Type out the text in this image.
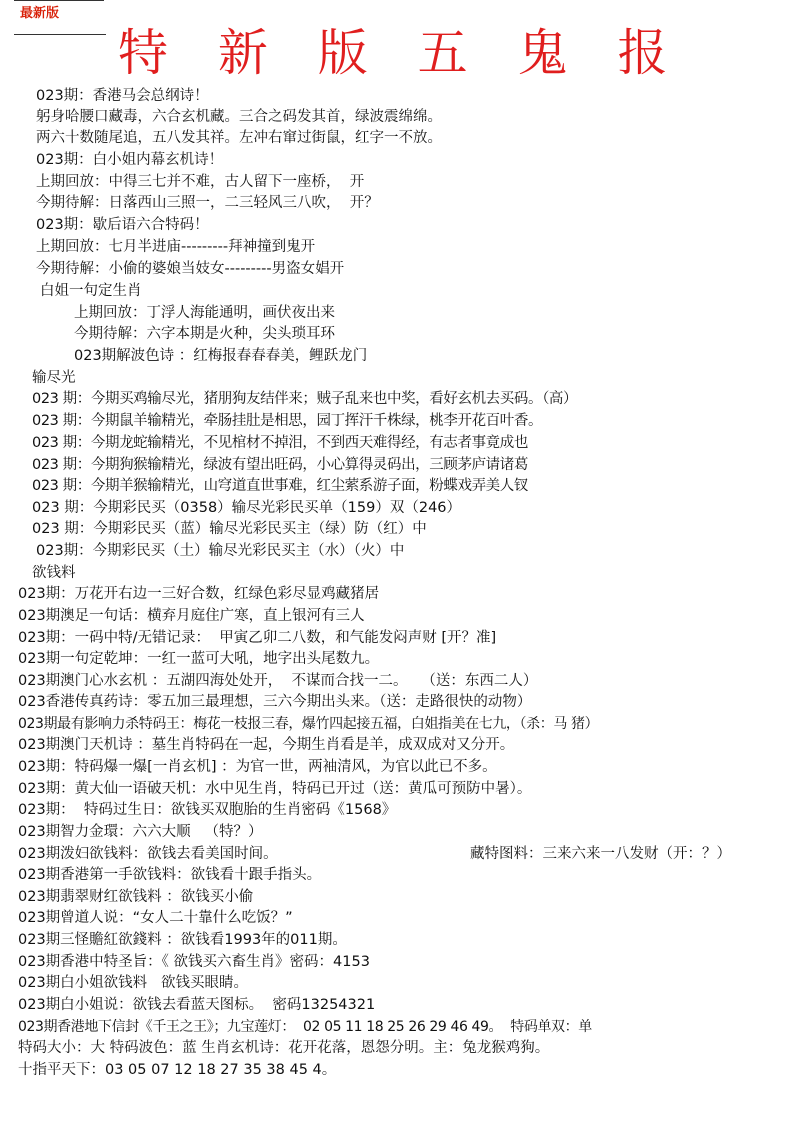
最新版
特 新 版 五 鬼 报
023期：香港马会总纲诗！
躬身哈腰口藏毒，六合玄机藏。三合之码发其首，绿波震绵绵。
两六十数随尾追，五八发其祥。左冲右窜过街鼠，红字一不放。
023期：白小姐内幕玄机诗！
上期回放：中得三七并不难，古人留下一座桥，  开
今期待解：日落西山三照一，二三轻风三八吹，  开？
023期：歇后语六合特码！
上期回放：七月半进庙---------拜神撞到鬼开
今期待解：小偷的婆娘当妓女---------男盗女娼开
白姐一句定生肖
上期回放：丁浮人海能通明，画伏夜出来
今期待解：六字本期是火种，尖头琐耳环
023期解波色诗 ：红梅报春春春美，鲤跃龙门
输尽光
023 期：今期买鸡输尽光，猪朋狗友结伴来；贼子乱来也中奖，看好玄机去买码。（高）
023 期：今期鼠羊输精光，牵肠挂肚是相思，园丁挥汗千株绿，桃李开花百叶香。
023 期：今期龙蛇输精光，不见棺材不掉泪，不到西天难得经，有志者事竟成也
023 期：今期狗猴输精光，绿波有望出旺码，小心算得灵码出，三顾茅庐请诸葛
023 期：今期羊猴输精光，山穹道直世事难，红尘萦系游子面，粉蝶戏弄美人钗
023 期：今期彩民买（0358）输尽光彩民买单（159）双（246）
023 期：今期彩民买（蓝）输尽光彩民买主（绿）防（红）中
023期：今期彩民买（土）输尽光彩民买主（水）（火）中
欲钱料
023期：万花开右边一三好合数，红绿色彩尽显鸡藏猪居
023期澳足一句话：横弃月庭住广寒，直上银河有三人
023期：一码中特/无错记录：  甲寅乙卯二八数，和气能发闷声财 [开？准]
023期一句定乾坤：一红一蓝可大吼，地字出头尾数九。
023期澳门心水玄机 ：五湖四海处处开，  不谋而合找一二。   （送：东西二人）
023香港传真药诗：零五加三最理想，三六今期出头来。（送：走路很快的动物）
023期最有影响力杀特码王：梅花一枝报三春，爆竹四起接五福，白姐指美在七九，（杀：马 猪）
023期澳门天机诗 ：墓生肖特码在一起，今期生肖看是羊，成双成对又分开。
023期：特码爆一爆[一肖玄机] ：为官一世，两袖清风，为官以此已不多。
023期：黄大仙一语破天机：水中见生肖，特码已开过（送：黄瓜可预防中暑）。
023期：  特码过生日：欲钱买双胞胎的生肖密码《1568》
023期智力金環：六六大顺   （特？）
023期泼妇欲钱料：欲钱去看美国时间。	藏特图料：三来六来一八发财（开：？）
023期香港第一手欲钱料：欲钱看十跟手指头。
023期翡翠财红欲钱料 ：欲钱买小偷
023期曾道人说：“女人二十靠什么吃饭？”
023期三怪贍紅欲錢料 ：欲钱看1993年的011期。
023期香港中特圣旨：《 欲钱买六畜生肖》密码：4153
023期白小姐欲钱料   欲钱买眼睛。
023期白小姐说：欲钱去看蓝天图标。  密码13254321
023期香港地下信封《千王之王》；九宝莲灯：  02 05 11 18 25 26 29 46 49。  特码单双：单
特码大小：大 特码波色：蓝 生肖玄机诗：花开花落，恩怨分明。主：兔龙猴鸡狗。
十指平天下：03 05 07 12 18 27 35 38 45 4。
